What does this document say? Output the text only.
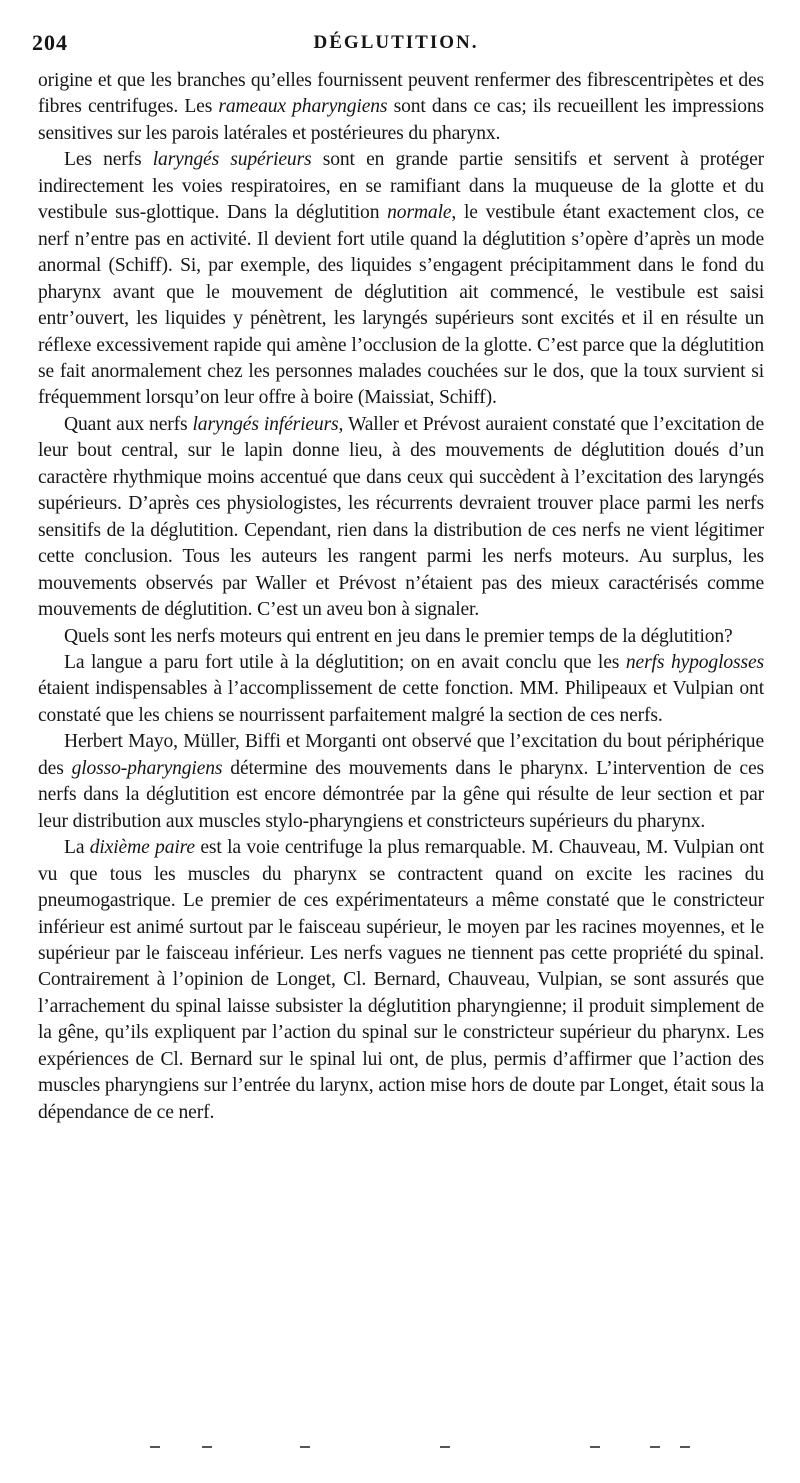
204	DÉGLUTITION.

origine et que les branches qu’elles fournissent peuvent renfermer des fibrescentripètes et des fibres centrifuges. Les rameaux pharyngiens sont dans ce cas; ils recueillent les impressions sensitives sur les parois latérales et postérieures du pharynx.

Les nerfs laryngés supérieurs sont en grande partie sensitifs et servent à protéger indirectement les voies respiratoires, en se ramifiant dans la muqueuse de la glotte et du vestibule sus-glottique. Dans la déglutition normale, le vestibule étant exactement clos, ce nerf n’entre pas en activité. Il devient fort utile quand la déglutition s’opère d’après un mode anormal (Schiff). Si, par exemple, des liquides s’engagent précipitamment dans le fond du pharynx avant que le mouvement de déglutition ait commencé, le vestibule est saisi entr’ouvert, les liquides y pénètrent, les laryngés supérieurs sont excités et il en résulte un réflexe excessivement rapide qui amène l’occlusion de la glotte. C’est parce que la déglutition se fait anormalement chez les personnes malades couchées sur le dos, que la toux survient si fréquemment lorsqu’on leur offre à boire (Maissiat, Schiff).

Quant aux nerfs laryngés inférieurs, Waller et Prévost auraient constaté que l’excitation de leur bout central, sur le lapin donne lieu, à des mouvements de déglutition doués d’un caractère rhythmique moins accentué que dans ceux qui succèdent à l’excitation des laryngés supérieurs. D’après ces physiologistes, les récurrents devraient trouver place parmi les nerfs sensitifs de la déglutition. Cependant, rien dans la distribution de ces nerfs ne vient légitimer cette conclusion. Tous les auteurs les rangent parmi les nerfs moteurs. Au surplus, les mouvements observés par Waller et Prévost n’étaient pas des mieux caractérisés comme mouvements de déglutition. C’est un aveu bon à signaler.

Quels sont les nerfs moteurs qui entrent en jeu dans le premier temps de la déglutition?

La langue a paru fort utile à la déglutition; on en avait conclu que les nerfs hypoglosses étaient indispensables à l’accomplissement de cette fonction. MM. Philipeaux et Vulpian ont constaté que les chiens se nourrissent parfaitement malgré la section de ces nerfs.

Herbert Mayo, Müller, Biffi et Morganti ont observé que l’excitation du bout périphérique des glosso-pharyngiens détermine des mouvements dans le pharynx. L’intervention de ces nerfs dans la déglutition est encore démontrée par la gêne qui résulte de leur section et par leur distribution aux muscles stylo-pharyngiens et constricteurs supérieurs du pharynx.

La dixième paire est la voie centrifuge la plus remarquable. M. Chauveau, M. Vulpian ont vu que tous les muscles du pharynx se contractent quand on excite les racines du pneumogastrique. Le premier de ces expérimentateurs a même constaté que le constricteur inférieur est animé surtout par le faisceau supérieur, le moyen par les racines moyennes, et le supérieur par le faisceau inférieur. Les nerfs vagues ne tiennent pas cette propriété du spinal. Contrairement à l’opinion de Longet, Cl. Bernard, Chauveau, Vulpian, se sont assurés que l’arrachement du spinal laisse subsister la déglutition pharyngienne; il produit simplement de la gêne, qu’ils expliquent par l’action du spinal sur le constricteur supérieur du pharynx. Les expériences de Cl. Bernard sur le spinal lui ont, de plus, permis d’affirmer que l’action des muscles pharyngiens sur l’entrée du larynx, action mise hors de doute par Longet, était sous la dépendance de ce nerf.
